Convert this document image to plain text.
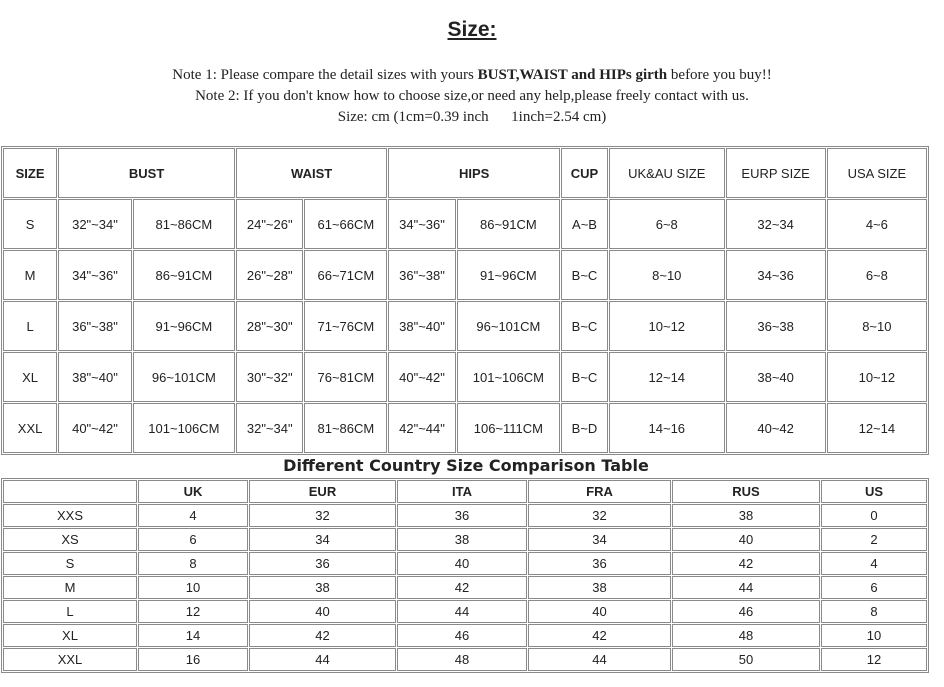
Size:
Note 1: Please compare the detail sizes with yours BUST,WAIST and HIPs girth before you buy!!
Note 2: If you don't know how to choose size,or need any help,please freely contact with us.
Size: cm (1cm=0.39 inch      1inch=2.54 cm)
SIZE	BUST		WAIST		HIPS		CUP	UK&AU SIZE	EURP SIZE	USA SIZE
S	32"~34"	81~86CM	24"~26"	61~66CM	34"~36"	86~91CM	A~B	6~8	32~34	4~6
M	34"~36"	86~91CM	26"~28"	66~71CM	36"~38"	91~96CM	B~C	8~10	34~36	6~8
L	36"~38"	91~96CM	28"~30"	71~76CM	38"~40"	96~101CM	B~C	10~12	36~38	8~10
XL	38"~40"	96~101CM	30"~32"	76~81CM	40"~42"	101~106CM	B~C	12~14	38~40	10~12
XXL	40"~42"	101~106CM	32"~34"	81~86CM	42"~44"	106~111CM	B~D	14~16	40~42	12~14
Different Country Size Comparison Table
	UK	EUR	ITA	FRA	RUS	US
XXS	4	32	36	32	38	0
XS	6	34	38	34	40	2
S	8	36	40	36	42	4
M	10	38	42	38	44	6
L	12	40	44	40	46	8
XL	14	42	46	42	48	10
XXL	16	44	48	44	50	12
